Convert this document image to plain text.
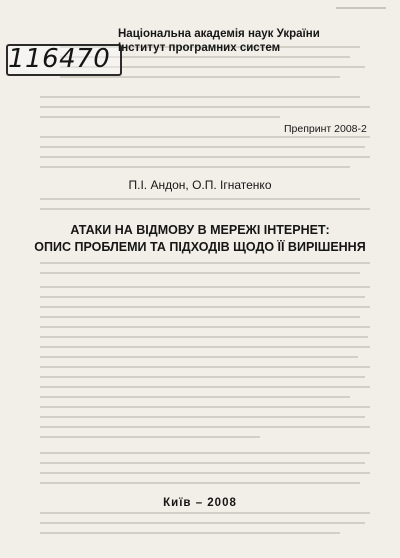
116470
Національна академія наук України
Інститут програмних систем
Препринт 2008-2
П.І. Андон, О.П. Ігнатенко
АТАКИ НА ВІДМОВУ В МЕРЕЖІ ІНТЕРНЕТ:
ОПИС ПРОБЛЕМИ ТА ПІДХОДІВ ЩОДО ЇЇ ВИРІШЕННЯ
Київ – 2008
